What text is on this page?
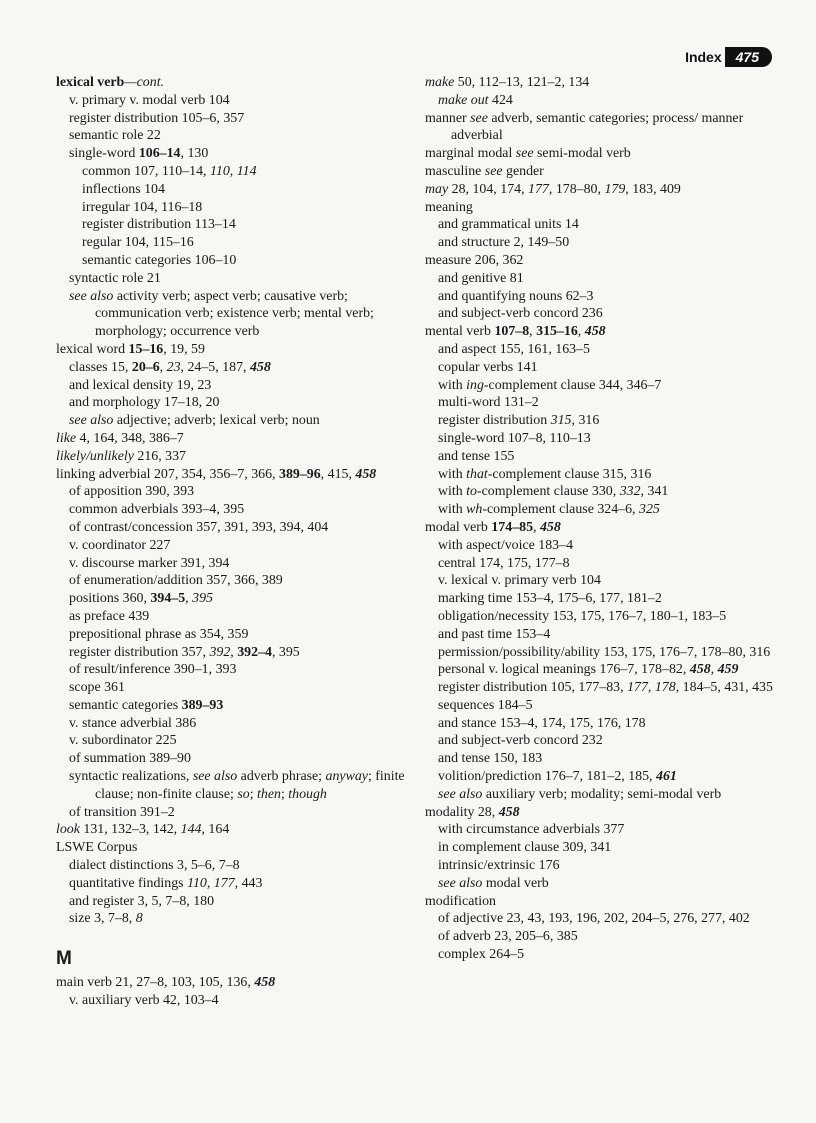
Index	475

lexical verb—cont.

v. primary v. modal verb 104

register distribution 105–6, 357

semantic role 22

single-word 106–14, 130

common 107, 110–14, 110, 114

inflections 104

irregular 104, 116–18

register distribution 113–14

regular 104, 115–16

semantic categories 106–10

syntactic role 21

see also activity verb; aspect verb; causative verb; communication verb; existence verb; mental verb; morphology; occurrence verb

lexical word 15–16, 19, 59

classes 15, 20–6, 23, 24–5, 187, 458

and lexical density 19, 23

and morphology 17–18, 20

see also adjective; adverb; lexical verb; noun

like 4, 164, 348, 386–7

likely/unlikely 216, 337

linking adverbial 207, 354, 356–7, 366, 389–96, 415, 458

of apposition 390, 393

common adverbials 393–4, 395

of contrast/concession 357, 391, 393, 394, 404

v. coordinator 227

v. discourse marker 391, 394

of enumeration/addition 357, 366, 389

positions 360, 394–5, 395

as preface 439

prepositional phrase as 354, 359

register distribution 357, 392, 392–4, 395

of result/inference 390–1, 393

scope 361

semantic categories 389–93

v. stance adverbial 386

v. subordinator 225

of summation 389–90

syntactic realizations, see also adverb phrase; anyway; finite clause; non-finite clause; so; then; though

of transition 391–2

look 131, 132–3, 142, 144, 164

LSWE Corpus

dialect distinctions 3, 5–6, 7–8

quantitative findings 110, 177, 443

and register 3, 5, 7–8, 180

size 3, 7–8, 8

M

main verb 21, 27–8, 103, 105, 136, 458

v. auxiliary verb 42, 103–4

make 50, 112–13, 121–2, 134

make out 424

manner see adverb, semantic categories; process/ manner adverbial

marginal modal see semi-modal verb

masculine see gender

may 28, 104, 174, 177, 178–80, 179, 183, 409

meaning

and grammatical units 14

and structure 2, 149–50

measure 206, 362

and genitive 81

and quantifying nouns 62–3

and subject-verb concord 236

mental verb 107–8, 315–16, 458

and aspect 155, 161, 163–5

copular verbs 141

with ing-complement clause 344, 346–7

multi-word 131–2

register distribution 315, 316

single-word 107–8, 110–13

and tense 155

with that-complement clause 315, 316

with to-complement clause 330, 332, 341

with wh-complement clause 324–6, 325

modal verb 174–85, 458

with aspect/voice 183–4

central 174, 175, 177–8

v. lexical v. primary verb 104

marking time 153–4, 175–6, 177, 181–2

obligation/necessity 153, 175, 176–7, 180–1, 183–5

and past time 153–4

permission/possibility/ability 153, 175, 176–7, 178–80, 316

personal v. logical meanings 176–7, 178–82, 458, 459

register distribution 105, 177–83, 177, 178, 184–5, 431, 435

sequences 184–5

and stance 153–4, 174, 175, 176, 178

and subject-verb concord 232

and tense 150, 183

volition/prediction 176–7, 181–2, 185, 461

see also auxiliary verb; modality; semi-modal verb

modality 28, 458

with circumstance adverbials 377

in complement clause 309, 341

intrinsic/extrinsic 176

see also modal verb

modification

of adjective 23, 43, 193, 196, 202, 204–5, 276, 277, 402

of adverb 23, 205–6, 385

complex 264–5
